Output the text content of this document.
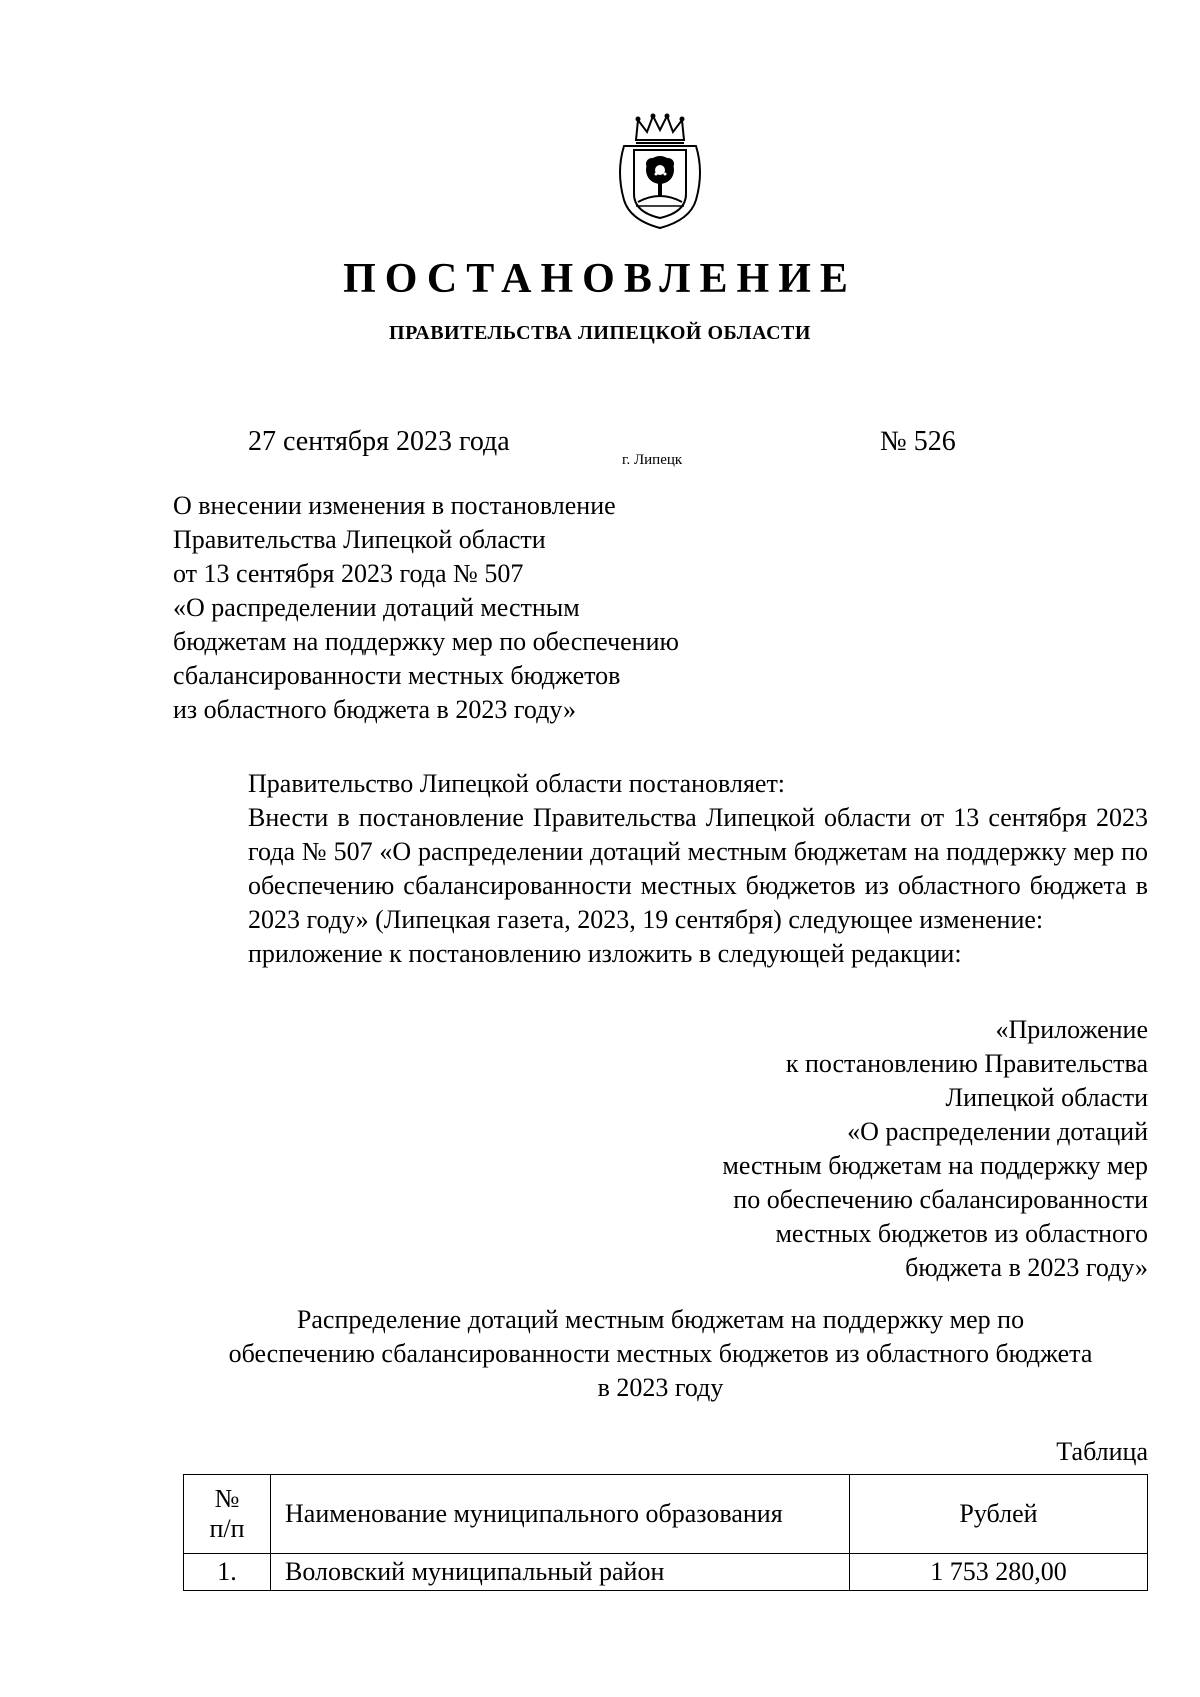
ПОСТАНОВЛЕНИЕ
ПРАВИТЕЛЬСТВА ЛИПЕЦКОЙ ОБЛАСТИ
27 сентября 2023 года
г. Липецк
№ 526
О внесении изменения в постановление
Правительства Липецкой области
от 13 сентября 2023 года № 507
«О распределении дотаций местным
бюджетам на поддержку мер по обеспечению
сбалансированности местных бюджетов
из областного бюджета в 2023 году»
Правительство Липецкой области постановляет:
Внести в постановление Правительства Липецкой области от 13 сентября 2023 года № 507 «О распределении дотаций местным бюджетам на поддержку мер по обеспечению сбалансированности местных бюджетов из областного бюджета в 2023 году» (Липецкая газета, 2023, 19 сентября) следующее изменение:
приложение к постановлению изложить в следующей редакции:
«Приложение
к постановлению Правительства
Липецкой области
«О распределении дотаций
местным бюджетам на поддержку мер
по обеспечению сбалансированности
местных бюджетов из областного
бюджета в 2023 году»
Распределение дотаций местным бюджетам на поддержку мер по
обеспечению сбалансированности местных бюджетов из областного бюджета
в 2023 году
Таблица
№
п/п	Наименование муниципального образования	Рублей
1.	Воловский муниципальный район	1 753 280,00
